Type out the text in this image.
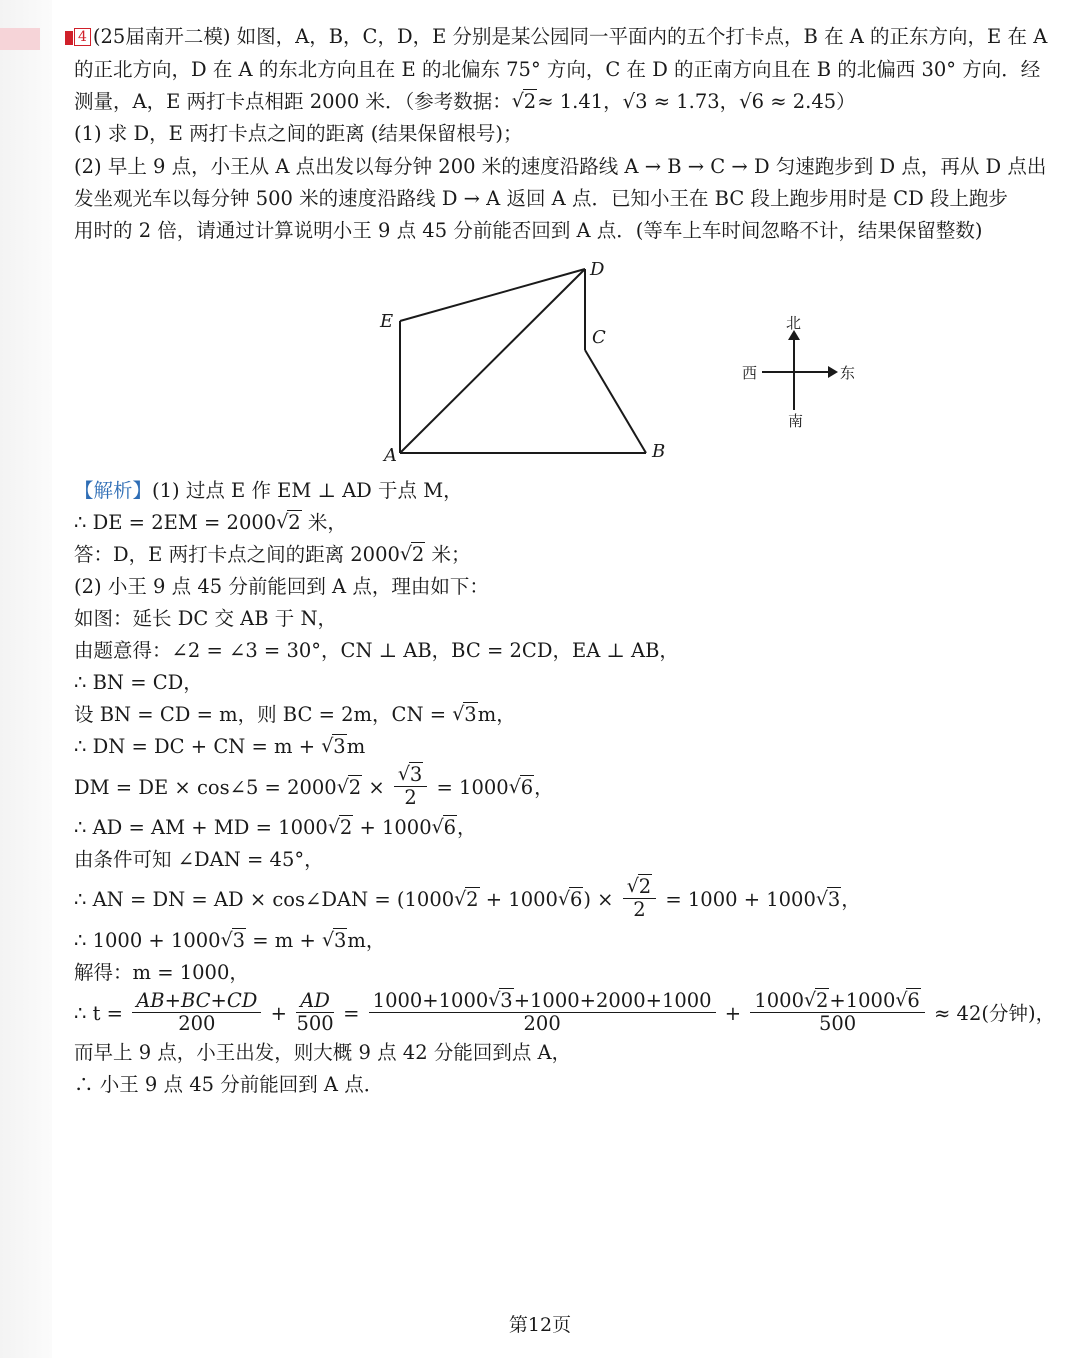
4 (25届南开二模) 如图，A，B，C，D，E 分别是某公园同一平面内的五个打卡点，B 在 A 的正东方向，E 在 A
的正北方向，D 在 A 的东北方向且在 E 的北偏东 75° 方向，C 在 D 的正南方向且在 B 的北偏西 30° 方向．经
测量，A，E 两打卡点相距 2000 米．（参考数据：√ 2≈ 1.41，√3 ≈ 1.73，√6 ≈ 2.45）
(1) 求 D，E 两打卡点之间的距离 (结果保留根号)；
(2) 早上 9 点，小王从 A 点出发以每分钟 200 米的速度沿路线 A → B → C → D 匀速跑步到 D 点，再从 D 点出
发坐观光车以每分钟 500 米的速度沿路线 D → A 返回 A 点．已知小王在 BC 段上跑步用时是 CD 段上跑步
用时的 2 倍，请通过计算说明小王 9 点 45 分前能否回到 A 点．(等车上车时间忽略不计，结果保留整数)
A	B
C
D
E	北
南
东
西
【解析】(1) 过点 E 作 EM ⊥ AD 于点 M，
∴ DE = 2EM = 2000√ 2 米，
答：D，E 两打卡点之间的距离 2000√ 2 米；
(2) 小王 9 点 45 分前能回到 A 点，理由如下：
如图：延长 DC 交 AB 于 N，
由题意得：∠2 = ∠3 = 30°，CN ⊥ AB，BC = 2CD，EA ⊥ AB，
∴ BN = CD，
设 BN = CD = m，则 BC = 2m，CN = √ 3m，
∴ DN = DC + CN = m + √ 3m
DM = DE × cos∠5 = 2000√ 2 ×
√ $\frac{3}{2} = 1000√$ 6，
∴ AD = AM + MD = 1000√ 2 + 1000√ 6，
由条件可知 ∠DAN = 45°，
∴ AN = DN = AD × cos∠DAN = (1000√ 2 + 1000√ 6) ×
√ $\frac{2}{2} = 1000 + 1000√$ 3，
∴ 1000 + 1000√ 3 = m + √ 3m，
解得：m = 1000，
∴ $t = \frac{AB+BC+CD}{200} + \frac{AD}{500} = \frac{1000+1000√ 3+1000+2000+1000}{200} + \frac{1000√ 2+1000√ 6}{500} \approx 42$(分钟)，
而早上 9 点，小王出发，则大概 9 点 42 分能回到点 A，
∴ 小王 9 点 45 分前能回到 A 点．
第12页
